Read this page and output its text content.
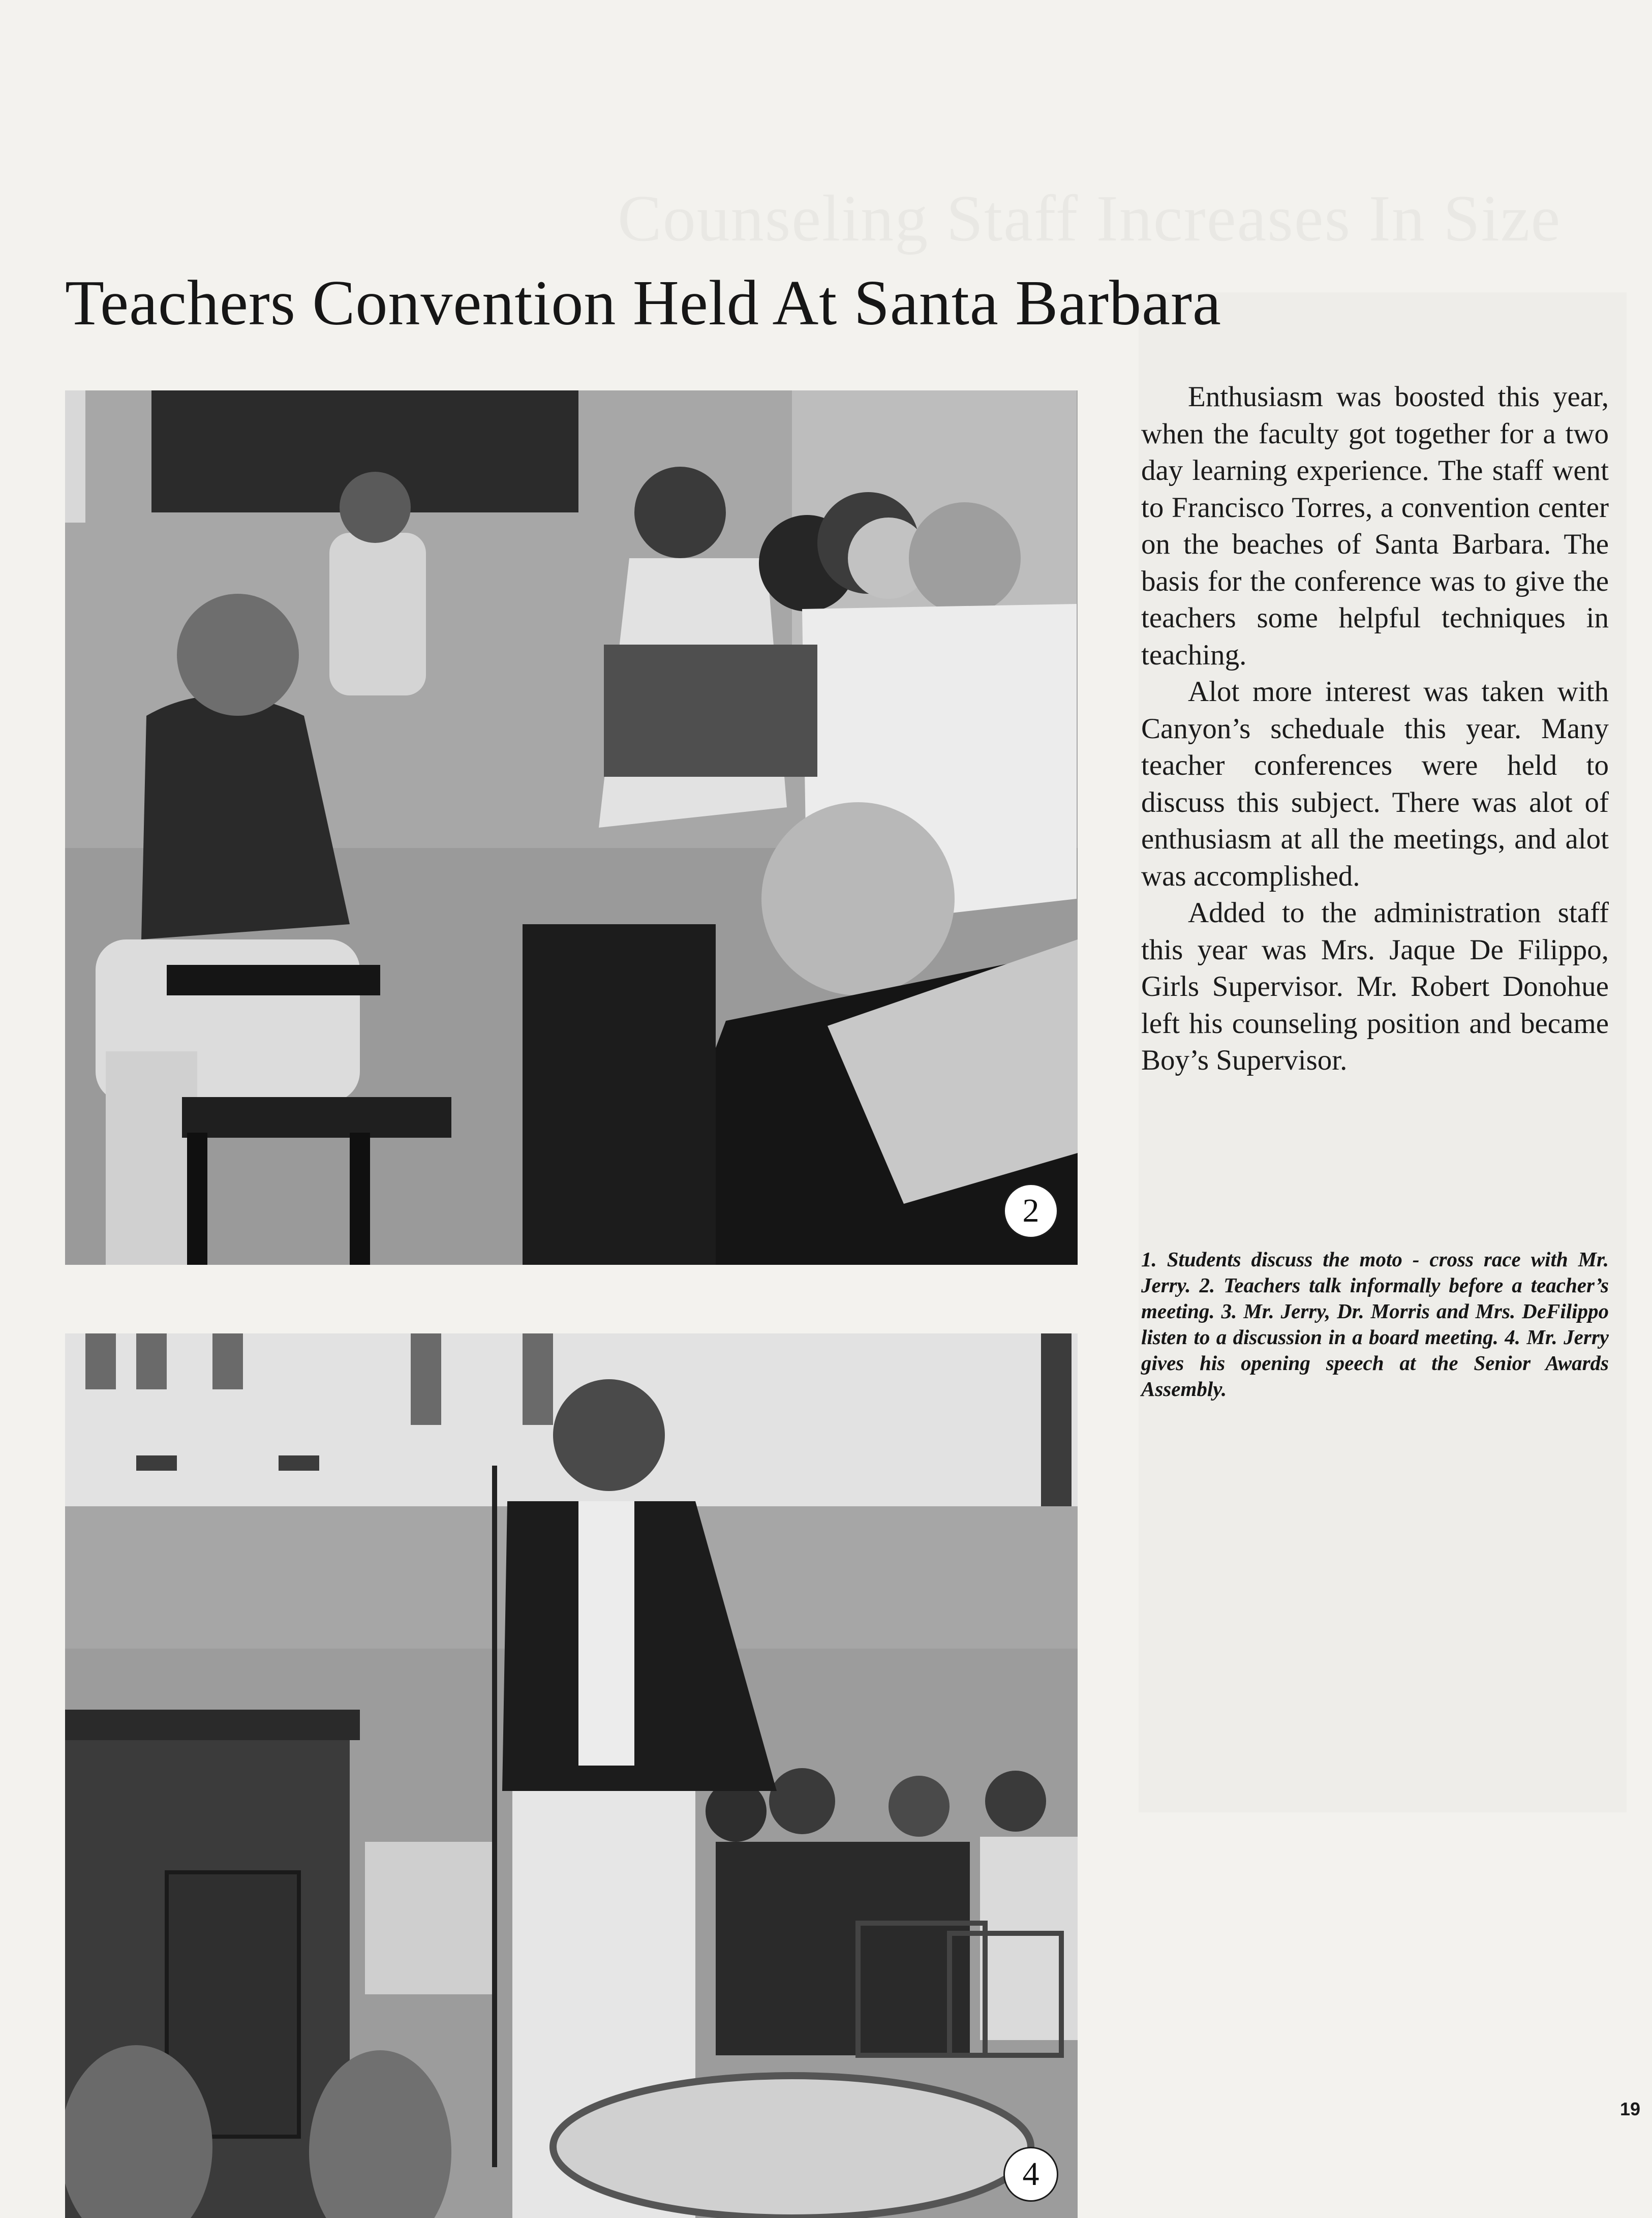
Counseling Staff Increases In Size
Teachers Convention Held At Santa Barbara
2

Enthusiasm was boosted this year, when the faculty got together for a two day learning experience. The staff went to Francisco Torres, a convention center on the beaches of Santa Barbara. The basis for the conference was to give the teachers some helpful techniques in teaching.

Alot more interest was taken with Canyon’s scheduale this year. Many teacher conferences were held to discuss this subject. There was alot of enthusiasm at all the meetings, and alot was accomplished.

Added to the administration staff this year was Mrs. Jaque De Filippo, Girls Supervisor. Mr. Robert Donohue left his counseling position and became Boy’s Supervisor.

1. Students discuss the moto - cross race with Mr. Jerry. 2. Teachers talk informally before a teacher’s meeting. 3. Mr. Jerry, Dr. Morris and Mrs. DeFilippo listen to a discussion in a board meeting. 4. Mr. Jerry gives his opening speech at the Senior Awards Assembly.

4
19
